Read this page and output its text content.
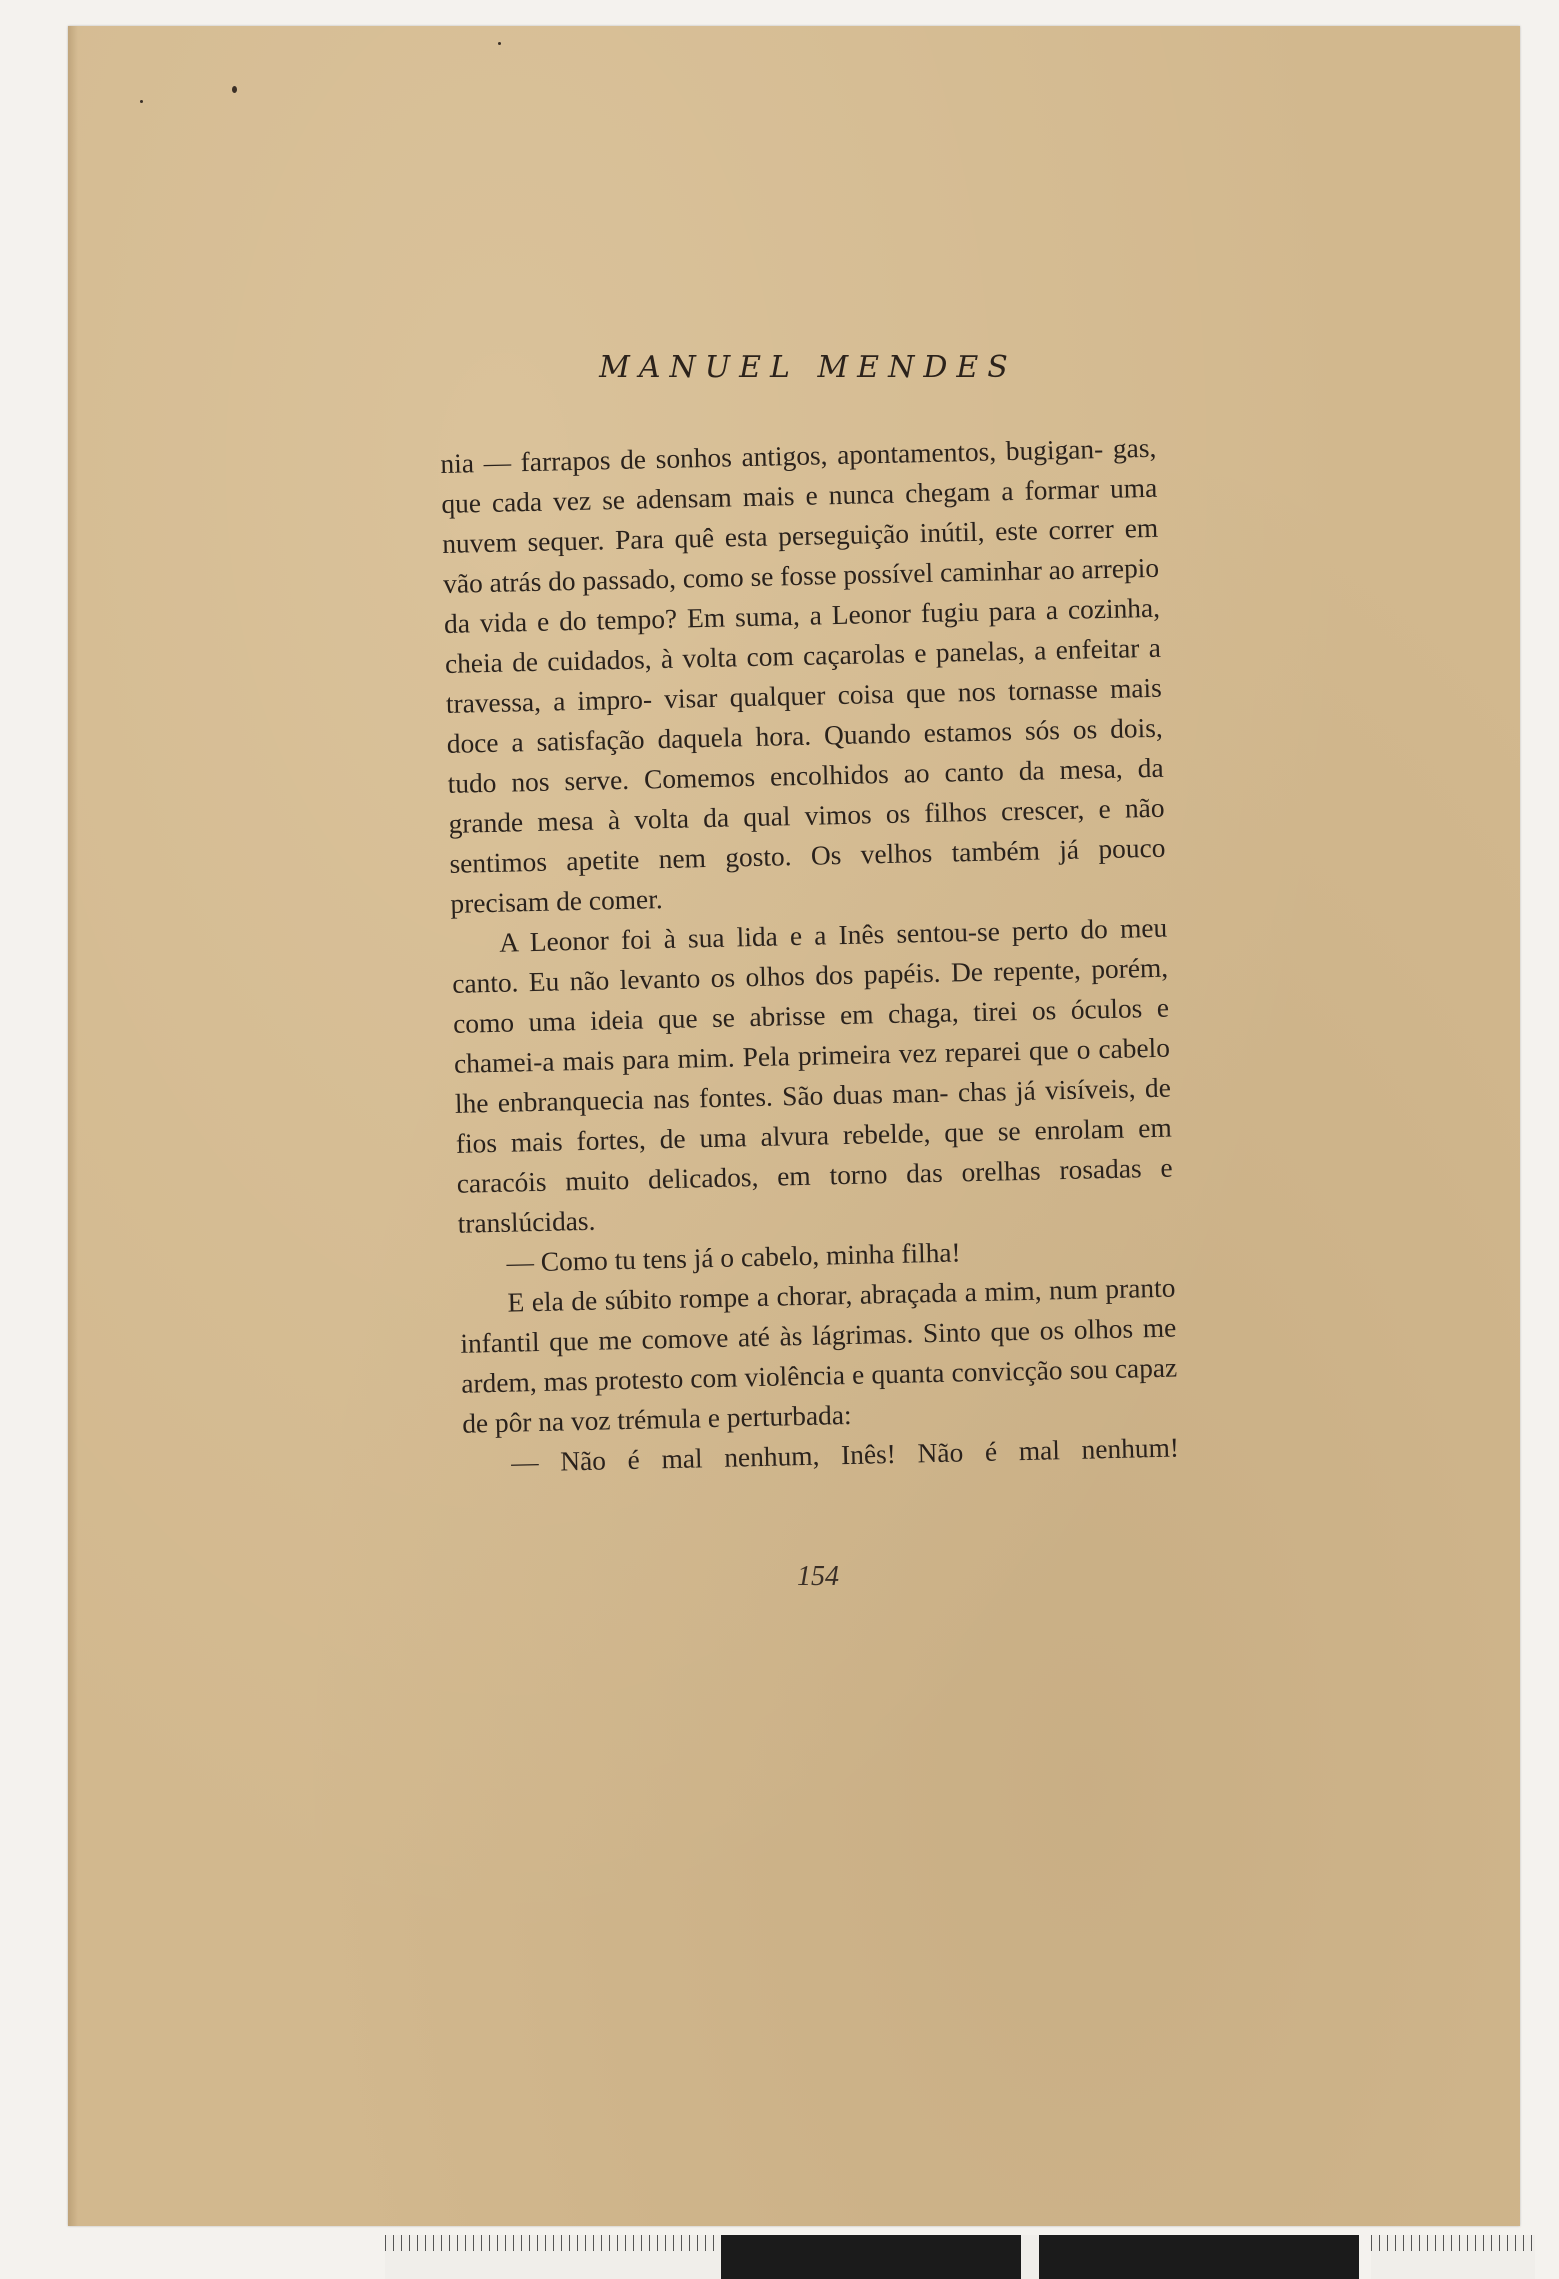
MANUEL MENDES

nia — farrapos de sonhos antigos, apontamentos, bugigan- gas, que cada vez se adensam mais e nunca chegam a formar uma nuvem sequer. Para quê esta perseguição inútil, este correr em vão atrás do passado, como se fosse possível caminhar ao arrepio da vida e do tempo? Em suma, a Leonor fugiu para a cozinha, cheia de cuidados, à volta com caçarolas e panelas, a enfeitar a travessa, a impro- visar qualquer coisa que nos tornasse mais doce a satisfação daquela hora. Quando estamos sós os dois, tudo nos serve. Comemos encolhidos ao canto da mesa, da grande mesa à volta da qual vimos os filhos crescer, e não sentimos apetite nem gosto. Os velhos também já pouco precisam de comer.

A Leonor foi à sua lida e a Inês sentou-se perto do meu canto. Eu não levanto os olhos dos papéis. De repente, porém, como uma ideia que se abrisse em chaga, tirei os óculos e chamei-a mais para mim. Pela primeira vez reparei que o cabelo lhe enbranquecia nas fontes. São duas man- chas já visíveis, de fios mais fortes, de uma alvura rebelde, que se enrolam em caracóis muito delicados, em torno das orelhas rosadas e translúcidas.

— Como tu tens já o cabelo, minha filha!

E ela de súbito rompe a chorar, abraçada a mim, num pranto infantil que me comove até às lágrimas. Sinto que os olhos me ardem, mas protesto com violência e quanta convicção sou capaz de pôr na voz trémula e perturbada:

— Não é mal nenhum, Inês! Não é mal nenhum!

154
